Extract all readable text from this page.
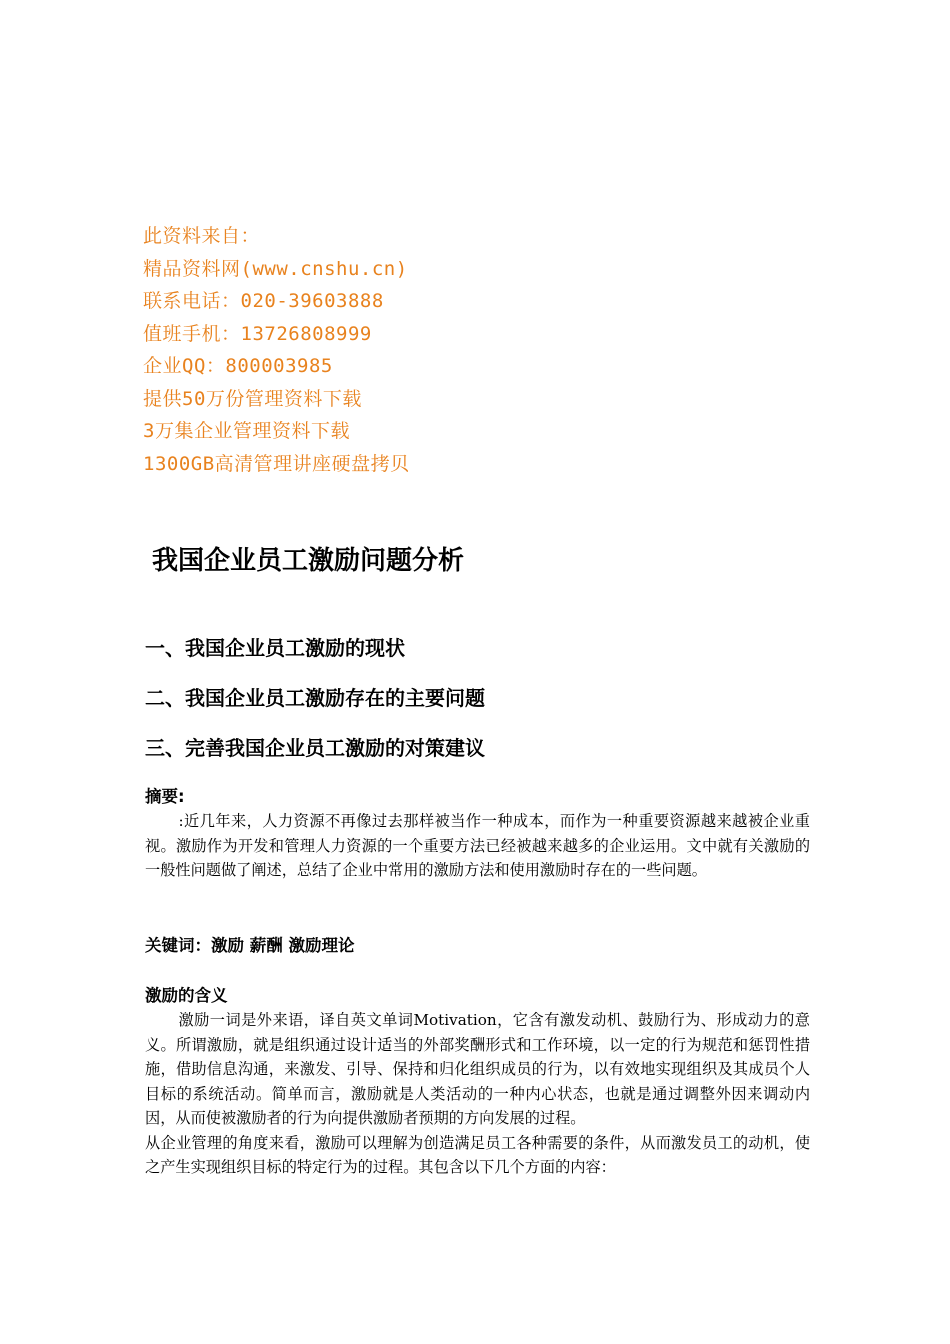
此资料来自：
精品资料网(www.cnshu.cn)
联系电话：020-39603888
值班手机：13726808999
企业QQ：800003985
提供50万份管理资料下载
3万集企业管理资料下载
1300GB高清管理讲座硬盘拷贝
我国企业员工激励问题分析
一、我国企业员工激励的现状
二、我国企业员工激励存在的主要问题
三、完善我国企业员工激励的对策建议
摘要:

:近几年来，人力资源不再像过去那样被当作一种成本，而作为一种重要资源越来越被企业重视。激励作为开发和管理人力资源的一个重要方法已经被越来越多的企业运用。文中就有关激励的一般性问题做了阐述，总结了企业中常用的激励方法和使用激励时存在的一些问题。

关键词：激励 薪酬 激励理论
激励的含义

激励一词是外来语，译自英文单词Motivation，它含有激发动机、鼓励行为、形成动力的意义。所谓激励，就是组织通过设计适当的外部奖酬形式和工作环境，以一定的行为规范和惩罚性措施，借助信息沟通，来激发、引导、保持和归化组织成员的行为，以有效地实现组织及其成员个人目标的系统活动。简单而言，激励就是人类活动的一种内心状态，也就是通过调整外因来调动内因，从而使被激励者的行为向提供激励者预期的方向发展的过程。

从企业管理的角度来看，激励可以理解为创造满足员工各种需要的条件，从而激发员工的动机，使之产生实现组织目标的特定行为的过程。其包含以下几个方面的内容：
